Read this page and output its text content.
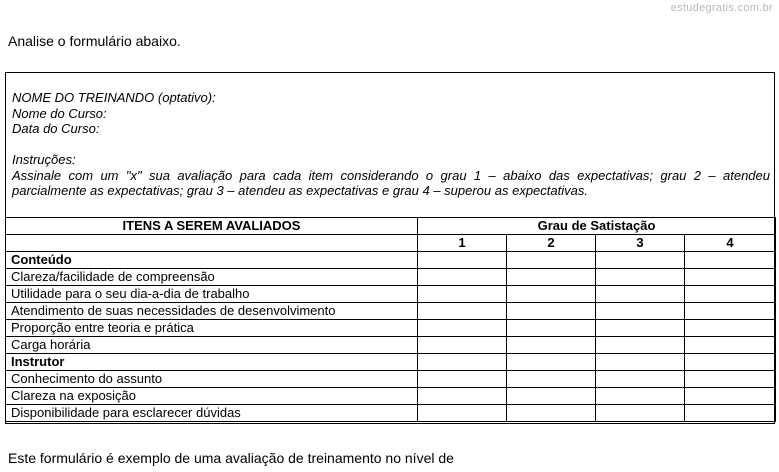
estudegratis.com.br
Analise o formulário abaixo.
NOME DO TREINANDO (optativo):
Nome do Curso:
Data do Curso:
Instruções:
Assinale com um "x" sua avaliação para cada item considerando o grau 1 – abaixo das expectativas; grau 2 – atendeu parcialmente as expectativas; grau 3 – atendeu as expectativas e grau 4 – superou as expectativas.
ITENS A SEREM AVALIADOS	Grau de Satistação			
	1	2	3	4
Conteúdo				
Clareza/facilidade de compreensão				
Utilidade para o seu dia-a-dia de trabalho				
Atendimento de suas necessidades de desenvolvimento				
Proporção entre teoria e prática				
Carga horária				
Instrutor				
Conhecimento do assunto				
Clareza na exposição				
Disponibilidade para esclarecer dúvidas				
Este formulário é exemplo de uma avaliação de treinamento no nível de
